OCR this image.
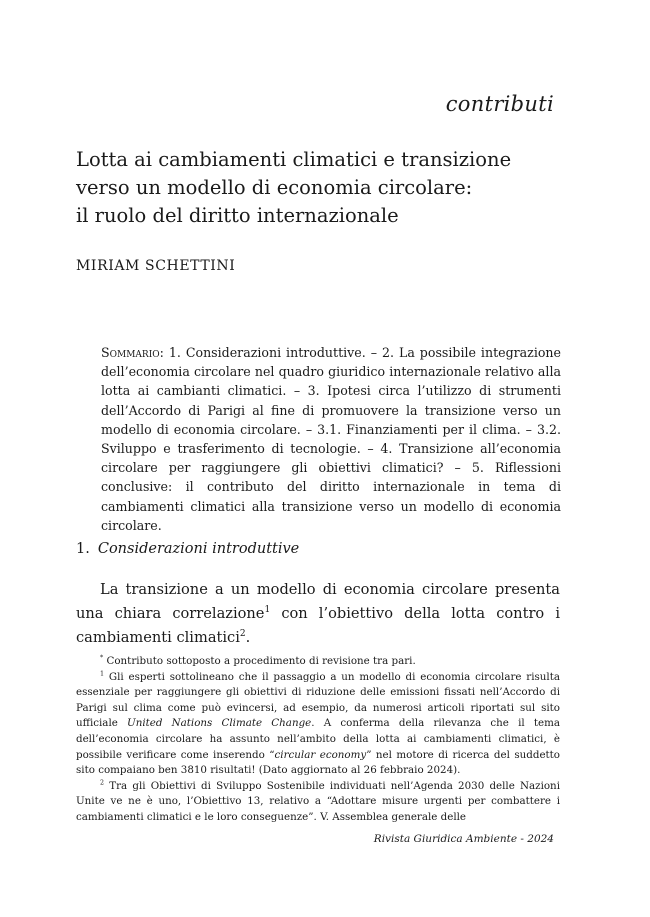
contributi
Lotta ai cambiamenti climatici e transizione
verso un modello di economia circolare:
il ruolo del diritto internazionale
MIRIAM SCHETTINI
Sommario: 1. Considerazioni introduttive. – 2. La possibile integrazione dell’economia circolare nel quadro giuridico internazionale relativo alla lotta ai cambianti climatici. – 3. Ipotesi circa l’utilizzo di strumenti dell’Accordo di Parigi al fine di promuovere la transizione verso un modello di economia circolare. – 3.1. Finanziamenti per il clima. – 3.2. Sviluppo e trasferimento di tecnologie. – 4. Transizione all’economia circolare per raggiungere gli obiettivi climatici? – 5. Riflessioni conclusive: il contributo del diritto internazionale in tema di cambiamenti climatici alla transizione verso un modello di economia circolare.
1. Considerazioni introduttive

La transizione a un modello di economia circolare presenta una chiara correlazione$^1$ con l’obiettivo della lotta contro i cambiamenti climatici$^2$.

* Contributo sottoposto a procedimento di revisione tra pari.

$^1$ Gli esperti sottolineano che il passaggio a un modello di economia circolare risulta essenziale per raggiungere gli obiettivi di riduzione delle emissioni fissati nell’Accordo di Parigi sul clima come può evincersi, ad esempio, da numerosi articoli riportati sul sito ufficiale United Nations Climate Change. A conferma della rilevanza che il tema dell’economia circolare ha assunto nell’ambito della lotta ai cambiamenti climatici, è possibile verificare come inserendo “circular economy” nel motore di ricerca del suddetto sito compaiano ben 3810 risultati! (Dato aggiornato al 26 febbraio 2024).

$^2$ Tra gli Obiettivi di Sviluppo Sostenibile individuati nell’Agenda 2030 delle Nazioni Unite ve ne è uno, l’Obiettivo 13, relativo a “Adottare misure urgenti per combattere i cambiamenti climatici e le loro conseguenze”. V. Assemblea generale delle

Rivista Giuridica Ambiente - 2024
